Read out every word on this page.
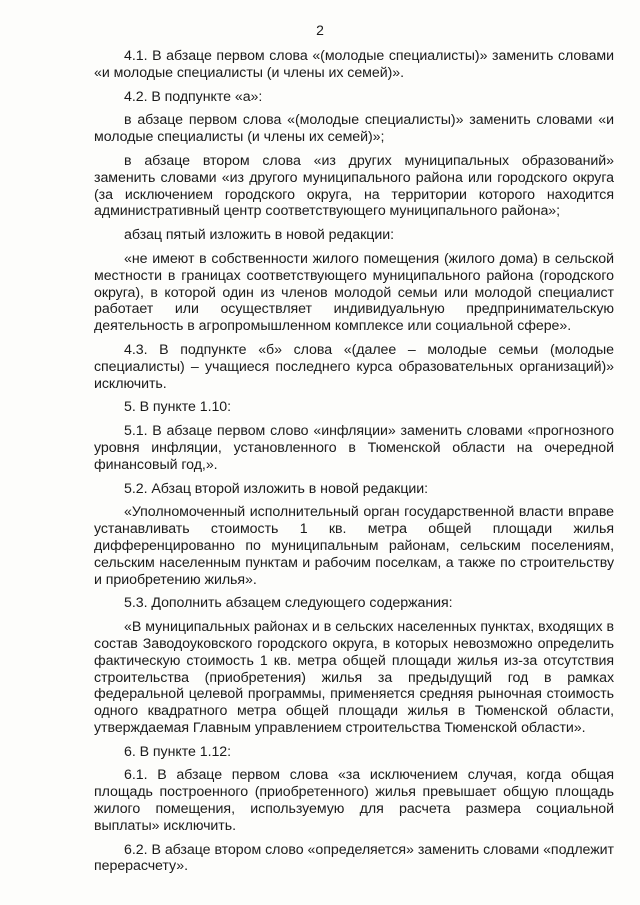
2

4.1. В абзаце первом слова «(молодые специалисты)» заменить словами «и молодые специалисты (и члены их семей)».

4.2. В подпункте «а»:

в абзаце первом слова «(молодые специалисты)» заменить словами «и молодые специалисты (и члены их семей)»;

в абзаце втором слова «из других муниципальных образований» заменить словами «из другого муниципального района или городского округа (за исключением городского округа, на территории которого находится административный центр соответствующего муниципального района»;

абзац пятый изложить в новой редакции:

«не имеют в собственности жилого помещения (жилого дома) в сельской местности в границах соответствующего муниципального района (городского округа), в которой один из членов молодой семьи или молодой специалист работает или осуществляет индивидуальную предпринимательскую деятельность в агропромышленном комплексе или социальной сфере».

4.3. В подпункте «б» слова «(далее – молодые семьи (молодые специалисты) – учащиеся последнего курса образовательных организаций)» исключить.

5. В пункте 1.10:

5.1. В абзаце первом слово «инфляции» заменить словами «прогнозного уровня инфляции, установленного в Тюменской области на очередной финансовый год,».

5.2. Абзац второй изложить в новой редакции:

«Уполномоченный исполнительный орган государственной власти вправе устанавливать стоимость 1 кв. метра общей площади жилья дифференцированно по муниципальным районам, сельским поселениям, сельским населенным пунктам и рабочим поселкам, а также по строительству и приобретению жилья».

5.3. Дополнить абзацем следующего содержания:

«В муниципальных районах и в сельских населенных пунктах, входящих в состав Заводоуковского городского округа, в которых невозможно определить фактическую стоимость 1 кв. метра общей площади жилья из-за отсутствия строительства (приобретения) жилья за предыдущий год в рамках федеральной целевой программы, применяется средняя рыночная стоимость одного квадратного метра общей площади жилья в Тюменской области, утверждаемая Главным управлением строительства Тюменской области».

6. В пункте 1.12:

6.1. В абзаце первом слова «за исключением случая, когда общая площадь построенного (приобретенного) жилья превышает общую площадь жилого помещения, используемую для расчета размера социальной выплаты» исключить.

6.2. В абзаце втором слово «определяется» заменить словами «подлежит перерасчету».
